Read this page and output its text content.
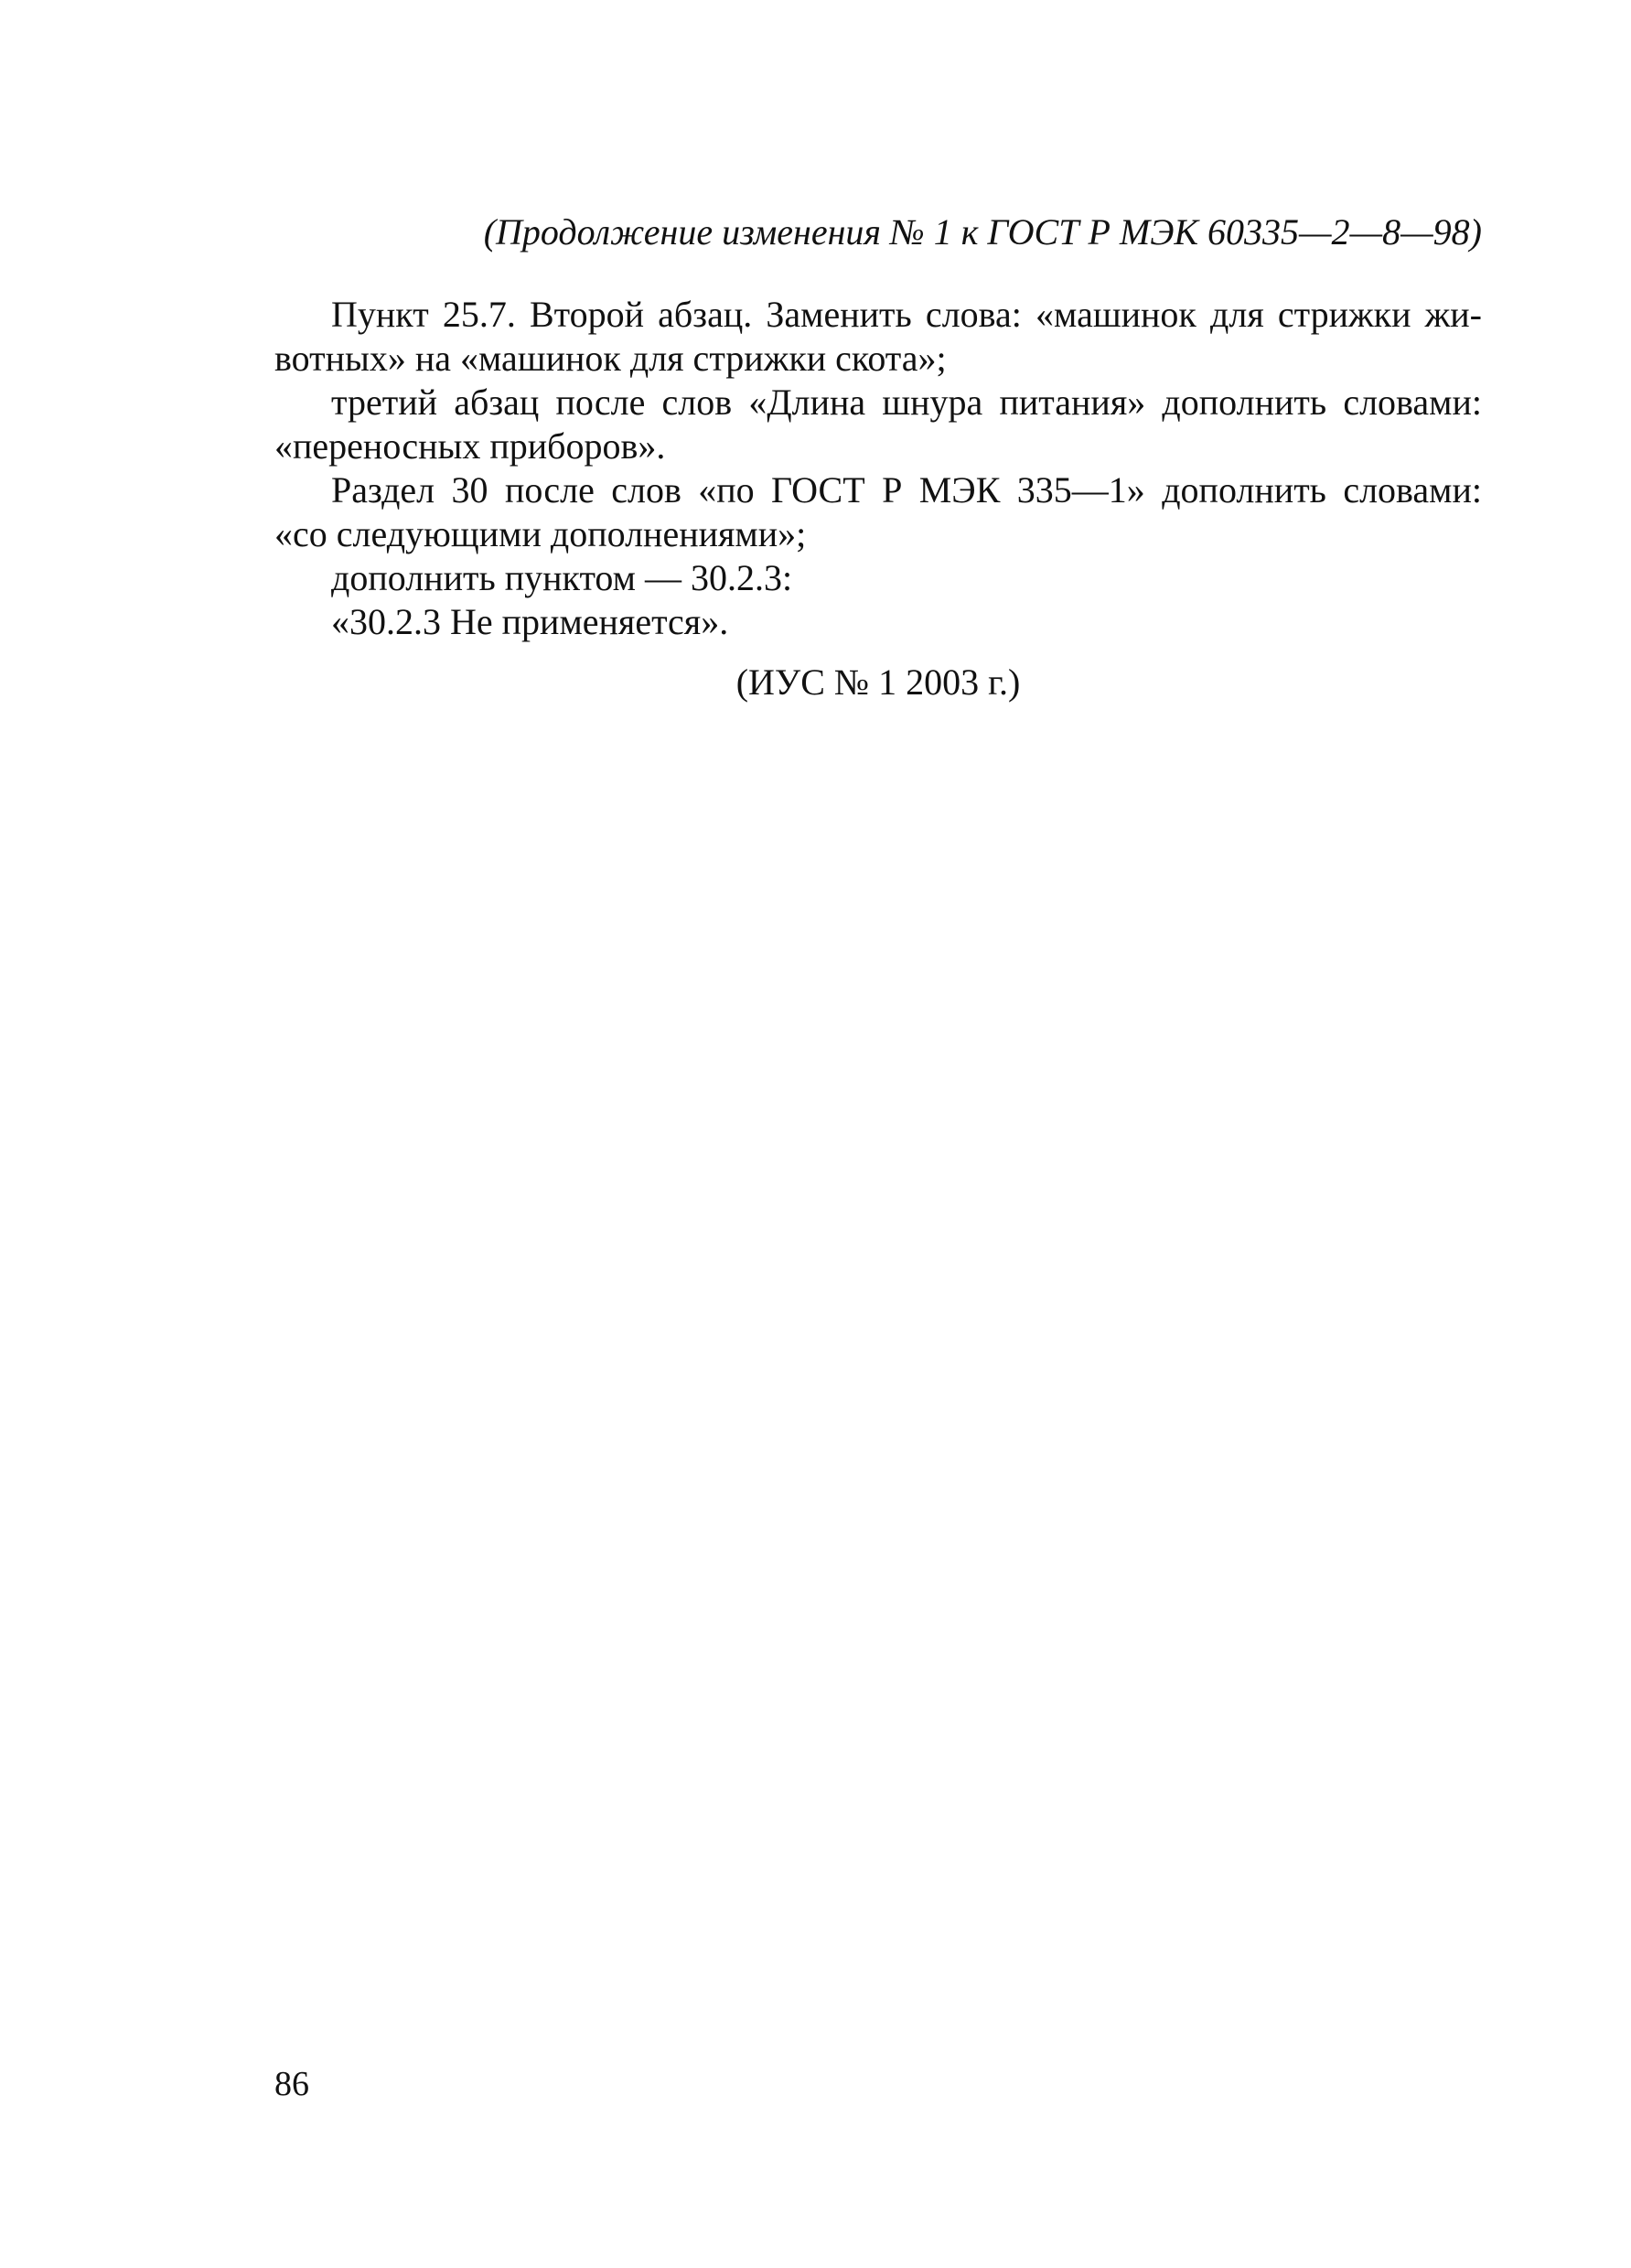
(Продолжение изменения № 1 к ГОСТ Р МЭК 60335—2—8—98)
Пункт 25.7. Второй абзац. Заменить слова: «машинок для стрижки жи-
вотных» на «машинок для стрижки скота»;
третий абзац после слов «Длина шнура питания» дополнить словами:
«переносных приборов».
Раздел 30 после слов «по ГОСТ Р МЭК 335—1» дополнить словами:
«со следующими дополнениями»;
дополнить пунктом — 30.2.3:
«30.2.3 Не применяется».
(ИУС № 1 2003 г.)
86
